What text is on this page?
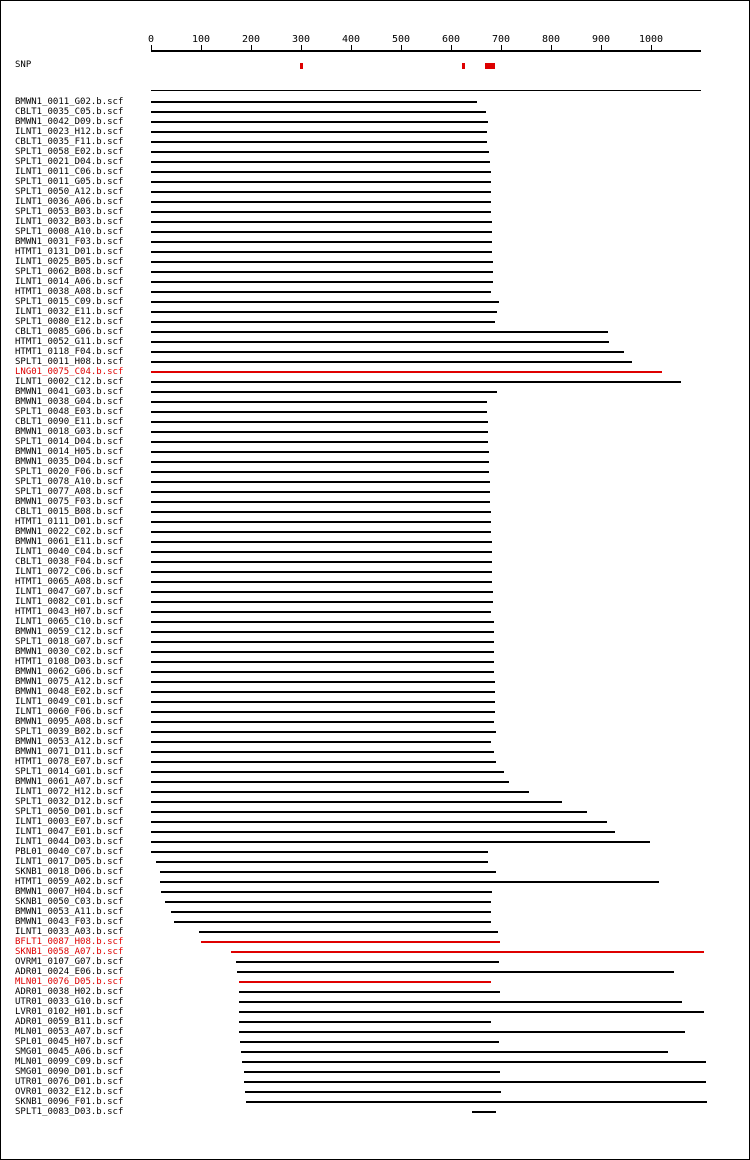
0	100	200	300	400	500	600	700	800	900	1000
SNP
BMWN1_0011_G02.b.scf
CBLT1_0035_C05.b.scf
BMWN1_0042_D09.b.scf
ILNT1_0023_H12.b.scf
CBLT1_0035_F11.b.scf
SPLT1_0058_E02.b.scf
SPLT1_0021_D04.b.scf
ILNT1_0011_C06.b.scf
SPLT1_0011_G05.b.scf
SPLT1_0050_A12.b.scf
ILNT1_0036_A06.b.scf
SPLT1_0053_B03.b.scf
ILNT1_0032_B03.b.scf
SPLT1_0008_A10.b.scf
BMWN1_0031_F03.b.scf
HTMT1_0131_D01.b.scf
ILNT1_0025_B05.b.scf
SPLT1_0062_B08.b.scf
ILNT1_0014_A06.b.scf
HTMT1_0038_A08.b.scf
SPLT1_0015_C09.b.scf
ILNT1_0032_E11.b.scf
SPLT1_0080_E12.b.scf
CBLT1_0085_G06.b.scf
HTMT1_0052_G11.b.scf
HTMT1_0118_F04.b.scf
SPLT1_0011_H08.b.scf
LNG01_0075_C04.b.scf
ILNT1_0002_C12.b.scf
BMWN1_0041_G03.b.scf
BMWN1_0038_G04.b.scf
SPLT1_0048_E03.b.scf
CBLT1_0090_E11.b.scf
BMWN1_0018_G03.b.scf
SPLT1_0014_D04.b.scf
BMWN1_0014_H05.b.scf
BMWN1_0035_D04.b.scf
SPLT1_0020_F06.b.scf
SPLT1_0078_A10.b.scf
SPLT1_0077_A08.b.scf
BMWN1_0075_F03.b.scf
CBLT1_0015_B08.b.scf
HTMT1_0111_D01.b.scf
BMWN1_0022_C02.b.scf
BMWN1_0061_E11.b.scf
ILNT1_0040_C04.b.scf
CBLT1_0038_F04.b.scf
ILNT1_0072_C06.b.scf
HTMT1_0065_A08.b.scf
ILNT1_0047_G07.b.scf
ILNT1_0082_C01.b.scf
HTMT1_0043_H07.b.scf
ILNT1_0065_C10.b.scf
BMWN1_0059_C12.b.scf
SPLT1_0018_G07.b.scf
BMWN1_0030_C02.b.scf
HTMT1_0108_D03.b.scf
BMWN1_0062_G06.b.scf
BMWN1_0075_A12.b.scf
BMWN1_0048_E02.b.scf
ILNT1_0049_C01.b.scf
ILNT1_0060_F06.b.scf
BMWN1_0095_A08.b.scf
SPLT1_0039_B02.b.scf
BMWN1_0053_A12.b.scf
BMWN1_0071_D11.b.scf
HTMT1_0078_E07.b.scf
SPLT1_0014_G01.b.scf
BMWN1_0061_A07.b.scf
ILNT1_0072_H12.b.scf
SPLT1_0032_D12.b.scf
SPLT1_0050_D01.b.scf
ILNT1_0003_E07.b.scf
ILNT1_0047_E01.b.scf
ILNT1_0044_D03.b.scf
PBL01_0040_C07.b.scf
ILNT1_0017_D05.b.scf
SKNB1_0018_D06.b.scf
HTMT1_0059_A02.b.scf
BMWN1_0007_H04.b.scf
SKNB1_0050_C03.b.scf
BMWN1_0053_A11.b.scf
BMWN1_0043_F03.b.scf
ILNT1_0033_A03.b.scf
BFLT1_0087_H08.b.scf
SKNB1_0058_A07.b.scf
OVRM1_0107_G07.b.scf
ADR01_0024_E06.b.scf
MLN01_0076_D05.b.scf
ADR01_0038_H02.b.scf
UTR01_0033_G10.b.scf
LVR01_0102_H01.b.scf
ADR01_0059_B11.b.scf
MLN01_0053_A07.b.scf
SPL01_0045_H07.b.scf
SMG01_0045_A06.b.scf
MLN01_0099_C09.b.scf
SMG01_0090_D01.b.scf
UTR01_0076_D01.b.scf
OVR01_0032_E12.b.scf
SKNB1_0096_F01.b.scf
SPLT1_0083_D03.b.scf
